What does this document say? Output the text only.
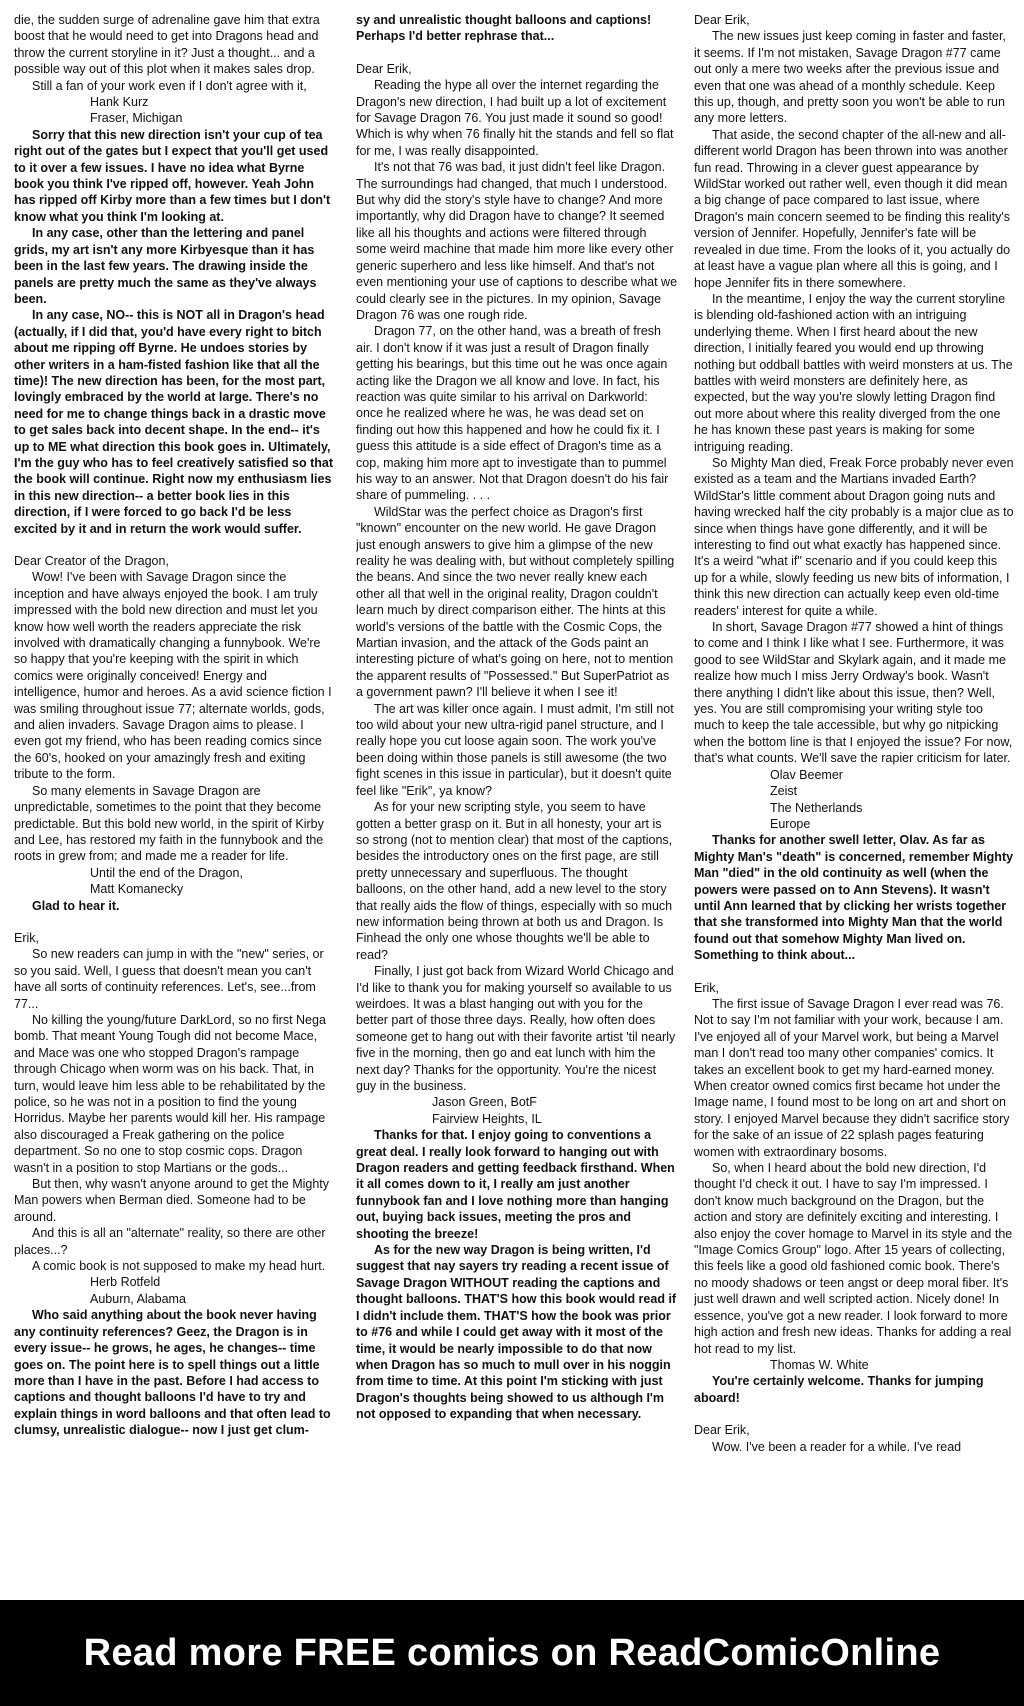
die, the sudden surge of adrenaline gave him that extra boost that he would need to get into Dragons head and throw the current storyline in it? Just a thought... and a possible way out of this plot when it makes sales drop.

Still a fan of your work even if I don't agree with it,

Hank Kurz

Fraser, Michigan

Sorry that this new direction isn't your cup of tea right out of the gates but I expect that you'll get used to it over a few issues. I have no idea what Byrne book you think I've ripped off, however. Yeah John has ripped off Kirby more than a few times but I don't know what you think I'm looking at.

In any case, other than the lettering and panel grids, my art isn't any more Kirbyesque than it has been in the last few years. The drawing inside the panels are pretty much the same as they've always been.

In any case, NO-- this is NOT all in Dragon's head (actually, if I did that, you'd have every right to bitch about me ripping off Byrne. He undoes stories by other writers in a ham-fisted fashion like that all the time)! The new direction has been, for the most part, lovingly embraced by the world at large. There's no need for me to change things back in a drastic move to get sales back into decent shape. In the end-- it's up to ME what direction this book goes in. Ultimately, I'm the guy who has to feel creatively satisfied so that the book will continue. Right now my enthusiasm lies in this new direction-- a better book lies in this direction, if I were forced to go back I'd be less excited by it and in return the work would suffer.

Dear Creator of the Dragon,

Wow! I've been with Savage Dragon since the inception and have always enjoyed the book. I am truly impressed with the bold new direction and must let you know how well worth the readers appreciate the risk involved with dramatically changing a funnybook. We're so happy that you're keeping with the spirit in which comics were originally conceived! Energy and intelligence, humor and heroes. As a avid science fiction I was smiling throughout issue 77; alternate worlds, gods, and alien invaders. Savage Dragon aims to please. I even got my friend, who has been reading comics since the 60's, hooked on your amazingly fresh and exiting tribute to the form.

So many elements in Savage Dragon are unpredictable, sometimes to the point that they become predictable. But this bold new world, in the spirit of Kirby and Lee, has restored my faith in the funnybook and the roots in grew from; and made me a reader for life.

Until the end of the Dragon,

Matt Komanecky

Glad to hear it.

Erik,

So new readers can jump in with the "new" series, or so you said. Well, I guess that doesn't mean you can't have all sorts of continuity references. Let's, see...from 77...

No killing the young/future DarkLord, so no first Nega bomb. That meant Young Tough did not become Mace, and Mace was one who stopped Dragon's rampage through Chicago when worm was on his back. That, in turn, would leave him less able to be rehabilitated by the police, so he was not in a position to find the young Horridus. Maybe her parents would kill her. His rampage also discouraged a Freak gathering on the police department. So no one to stop cosmic cops. Dragon wasn't in a position to stop Martians or the gods...

But then, why wasn't anyone around to get the Mighty Man powers when Berman died. Someone had to be around.

And this is all an "alternate" reality, so there are other places...?

A comic book is not supposed to make my head hurt.

Herb Rotfeld

Auburn, Alabama

Who said anything about the book never having any continuity references? Geez, the Dragon is in every issue-- he grows, he ages, he changes-- time goes on. The point here is to spell things out a little more than I have in the past. Before I had access to captions and thought balloons I'd have to try and explain things in word balloons and that often lead to clumsy, unrealistic dialogue-- now I just get clum-

sy and unrealistic thought balloons and captions! Perhaps I'd better rephrase that...

Dear Erik,

Reading the hype all over the internet regarding the Dragon's new direction, I had built up a lot of excitement for Savage Dragon 76. You just made it sound so good! Which is why when 76 finally hit the stands and fell so flat for me, I was really disappointed.

It's not that 76 was bad, it just didn't feel like Dragon. The surroundings had changed, that much I understood. But why did the story's style have to change? And more importantly, why did Dragon have to change? It seemed like all his thoughts and actions were filtered through some weird machine that made him more like every other generic superhero and less like himself. And that's not even mentioning your use of captions to describe what we could clearly see in the pictures. In my opinion, Savage Dragon 76 was one rough ride.

Dragon 77, on the other hand, was a breath of fresh air. I don't know if it was just a result of Dragon finally getting his bearings, but this time out he was once again acting like the Dragon we all know and love. In fact, his reaction was quite similar to his arrival on Darkworld: once he realized where he was, he was dead set on finding out how this happened and how he could fix it. I guess this attitude is a side effect of Dragon's time as a cop, making him more apt to investigate than to pummel his way to an answer. Not that Dragon doesn't do his fair share of pummeling. . . .

WildStar was the perfect choice as Dragon's first "known" encounter on the new world. He gave Dragon just enough answers to give him a glimpse of the new reality he was dealing with, but without completely spilling the beans. And since the two never really knew each other all that well in the original reality, Dragon couldn't learn much by direct comparison either. The hints at this world's versions of the battle with the Cosmic Cops, the Martian invasion, and the attack of the Gods paint an interesting picture of what's going on here, not to mention the apparent results of "Possessed." But SuperPatriot as a government pawn? I'll believe it when I see it!

The art was killer once again. I must admit, I'm still not too wild about your new ultra-rigid panel structure, and I really hope you cut loose again soon. The work you've been doing within those panels is still awesome (the two fight scenes in this issue in particular), but it doesn't quite feel like "Erik", ya know?

As for your new scripting style, you seem to have gotten a better grasp on it. But in all honesty, your art is so strong (not to mention clear) that most of the captions, besides the introductory ones on the first page, are still pretty unnecessary and superfluous. The thought balloons, on the other hand, add a new level to the story that really aids the flow of things, especially with so much new information being thrown at both us and Dragon. Is Finhead the only one whose thoughts we'll be able to read?

Finally, I just got back from Wizard World Chicago and I'd like to thank you for making yourself so available to us weirdoes. It was a blast hanging out with you for the better part of those three days. Really, how often does someone get to hang out with their favorite artist 'til nearly five in the morning, then go and eat lunch with him the next day? Thanks for the opportunity. You're the nicest guy in the business.

Jason Green, BotF

Fairview Heights, IL

Thanks for that. I enjoy going to conventions a great deal. I really look forward to hanging out with Dragon readers and getting feedback firsthand. When it all comes down to it, I really am just another funnybook fan and I love nothing more than hanging out, buying back issues, meeting the pros and shooting the breeze!

As for the new way Dragon is being written, I'd suggest that nay sayers try reading a recent issue of Savage Dragon WITHOUT reading the captions and thought balloons. THAT'S how this book would read if I didn't include them. THAT'S how the book was prior to #76 and while I could get away with it most of the time, it would be nearly impossible to do that now when Dragon has so much to mull over in his noggin from time to time. At this point I'm sticking with just Dragon's thoughts being showed to us although I'm not opposed to expanding that when necessary.

Dear Erik,

The new issues just keep coming in faster and faster, it seems. If I'm not mistaken, Savage Dragon #77 came out only a mere two weeks after the previous issue and even that one was ahead of a monthly schedule. Keep this up, though, and pretty soon you won't be able to run any more letters.

That aside, the second chapter of the all-new and all-different world Dragon has been thrown into was another fun read. Throwing in a clever guest appearance by WildStar worked out rather well, even though it did mean a big change of pace compared to last issue, where Dragon's main concern seemed to be finding this reality's version of Jennifer. Hopefully, Jennifer's fate will be revealed in due time. From the looks of it, you actually do at least have a vague plan where all this is going, and I hope Jennifer fits in there somewhere.

In the meantime, I enjoy the way the current storyline is blending old-fashioned action with an intriguing underlying theme. When I first heard about the new direction, I initially feared you would end up throwing nothing but oddball battles with weird monsters at us. The battles with weird monsters are definitely here, as expected, but the way you're slowly letting Dragon find out more about where this reality diverged from the one he has known these past years is making for some intriguing reading.

So Mighty Man died, Freak Force probably never even existed as a team and the Martians invaded Earth? WildStar's little comment about Dragon going nuts and having wrecked half the city probably is a major clue as to since when things have gone differently, and it will be interesting to find out what exactly has happened since. It's a weird "what if" scenario and if you could keep this up for a while, slowly feeding us new bits of information, I think this new direction can actually keep even old-time readers' interest for quite a while.

In short, Savage Dragon #77 showed a hint of things to come and I think I like what I see. Furthermore, it was good to see WildStar and Skylark again, and it made me realize how much I miss Jerry Ordway's book. Wasn't there anything I didn't like about this issue, then? Well, yes. You are still compromising your writing style too much to keep the tale accessible, but why go nitpicking when the bottom line is that I enjoyed the issue? For now, that's what counts. We'll save the rapier criticism for later.

Olav Beemer

Zeist

The Netherlands

Europe

Thanks for another swell letter, Olav. As far as Mighty Man's "death" is concerned, remember Mighty Man "died" in the old continuity as well (when the powers were passed on to Ann Stevens). It wasn't until Ann learned that by clicking her wrists together that she transformed into Mighty Man that the world found out that somehow Mighty Man lived on. Something to think about...

Erik,

The first issue of Savage Dragon I ever read was 76. Not to say I'm not familiar with your work, because I am. I've enjoyed all of your Marvel work, but being a Marvel man I don't read too many other companies' comics. It takes an excellent book to get my hard-earned money. When creator owned comics first became hot under the Image name, I found most to be long on art and short on story. I enjoyed Marvel because they didn't sacrifice story for the sake of an issue of 22 splash pages featuring women with extraordinary bosoms.

So, when I heard about the bold new direction, I'd thought I'd check it out. I have to say I'm impressed. I don't know much background on the Dragon, but the action and story are definitely exciting and interesting. I also enjoy the cover homage to Marvel in its style and the "Image Comics Group" logo. After 15 years of collecting, this feels like a good old fashioned comic book. There's no moody shadows or teen angst or deep moral fiber. It's just well drawn and well scripted action. Nicely done! In essence, you've got a new reader. I look forward to more high action and fresh new ideas. Thanks for adding a real hot read to my list.

Thomas W. White

You're certainly welcome. Thanks for jumping aboard!

Dear Erik,

Wow. I've been a reader for a while. I've read

Read more FREE comics on ReadComicOnline
